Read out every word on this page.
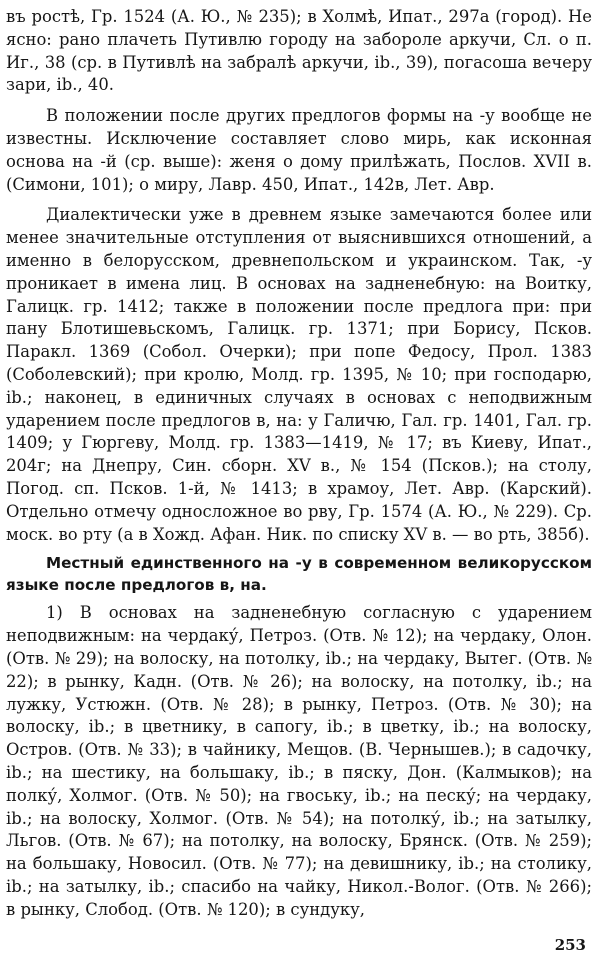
въ ростѣ, Гр. 1524 (А. Ю., № 235); в Холмѣ, Ипат., 297а (город). Не ясно: рано плачеть Путивлю городу на забороле аркучи, Сл. о п. Иг., 38 (ср. в Путивлѣ на забралѣ аркучи, ib., 39), погасоша вечеру зари, ib., 40.

В положении после других предлогов формы на -у вообще не известны. Исключение составляет слово мирь, как исконная основа на -й (ср. выше): женя о дому прилѣжать, Послов. XVII в. (Симони, 101); о миру, Лавр. 450, Ипат., 142в, Лет. Авр.

Диалектически уже в древнем языке замечаются более или менее значительные отступления от выяснившихся отношений, а именно в белорусском, древнепольском и украинском. Так, -у проникает в имена лиц. В основах на задненебную: на Воитку, Галицк. гр. 1412; также в положении после предлога при: при пану Блотишевьскомъ, Галицк. гр. 1371; при Борису, Псков. Паракл. 1369 (Собол. Очерки); при попе Федосу, Прол. 1383 (Соболевский); при кролю, Молд. гр. 1395, № 10; при господарю, ib.; наконец, в единичных случаях в основах с неподвижным ударением после предлогов в, на: у Галичю, Гал. гр. 1401, Гал. гр. 1409; у Гюргеву, Молд. гр. 1383—1419, № 17; въ Киеву, Ипат., 204г; на Днепру, Син. сборн. XV в., № 154 (Псков.); на столу, Погод. сп. Псков. 1-й, № 1413; в храмоу, Лет. Авр. (Карский). Отдельно отмечу односложное во рву, Гр. 1574 (А. Ю., № 229). Ср. моск. во рту (а в Хожд. Афан. Ник. по списку XV в. — во рть, 385б).

Местный единственного на -у в современном великорусском языке после предлогов в, на.

1) В основах на задненебную согласную с ударением неподвижным: на чердаку́, Петроз. (Отв. № 12); на чердаку, Олон. (Отв. № 29); на волоску, на потолку, ib.; на чердаку, Вытег. (Отв. № 22); в рынку, Кадн. (Отв. № 26); на волоску, на потолку, ib.; на лужку, Устюжн. (Отв. № 28); в рынку, Петроз. (Отв. № 30); на волоску, ib.; в цветнику, в сапогу, ib.; в цветку, ib.; на волоску, Остров. (Отв. № 33); в чайнику, Мещов. (В. Чернышев.); в садочку, ib.; на шестику, на большаку, ib.; в пяску, Дон. (Калмыков); на полку́, Холмог. (Отв. № 50); на гвоську, ib.; на песку́; на чердаку, ib.; на волоску, Холмог. (Отв. № 54); на потолку́, ib.; на затылку, Льгов. (Отв. № 67); на потолку, на волоску, Брянск. (Отв. № 259); на большаку, Новосил. (Отв. № 77); на девишнику, ib.; на столику, ib.; на затылку, ib.; спасибо на чайку, Никол.-Волог. (Отв. № 266); в рынку, Слобод. (Отв. № 120); в сундуку,

253
